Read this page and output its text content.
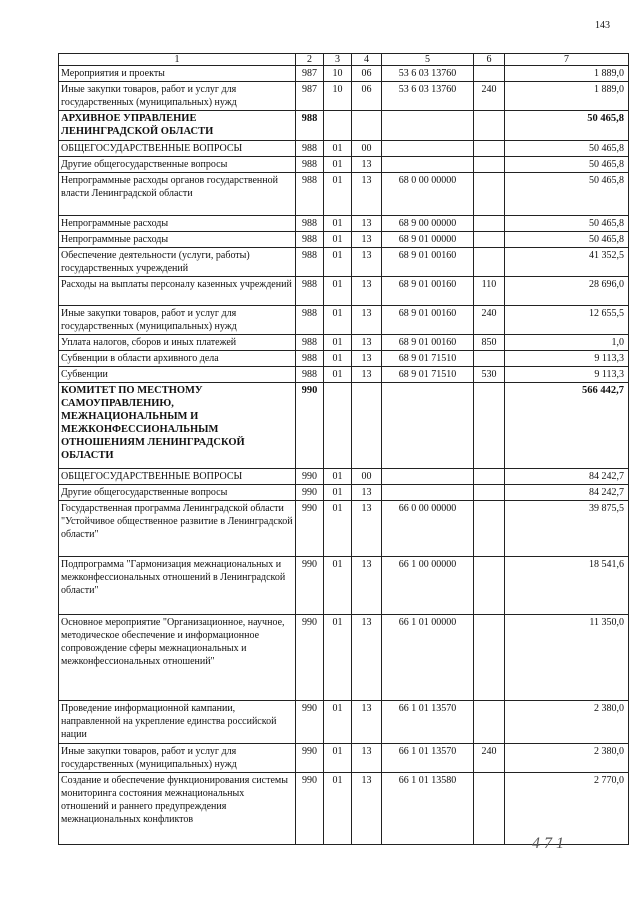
143
1	2	3	4	5	6	7
Мероприятия и проекты	987	10	06	53 6 03 13760		1 889,0
Иные закупки товаров, работ и услуг для государственных (муниципальных) нужд	987	10	06	53 6 03 13760	240	1 889,0
АРХИВНОЕ УПРАВЛЕНИЕ ЛЕНИНГРАДСКОЙ ОБЛАСТИ	988					50 465,8
ОБЩЕГОСУДАРСТВЕННЫЕ ВОПРОСЫ	988	01	00			50 465,8
Другие общегосударственные вопросы	988	01	13			50 465,8
Непрограммные расходы органов государственной власти Ленинградской области	988	01	13	68 0 00 00000		50 465,8
Непрограммные расходы	988	01	13	68 9 00 00000		50 465,8
Непрограммные расходы	988	01	13	68 9 01 00000		50 465,8
Обеспечение деятельности (услуги, работы) государственных учреждений	988	01	13	68 9 01 00160		41 352,5
Расходы на выплаты персоналу казенных учреждений	988	01	13	68 9 01 00160	110	28 696,0
Иные закупки товаров, работ и услуг для государственных (муниципальных) нужд	988	01	13	68 9 01 00160	240	12 655,5
Уплата налогов, сборов и иных платежей	988	01	13	68 9 01 00160	850	1,0
Субвенции в области архивного дела	988	01	13	68 9 01 71510		9 113,3
Субвенции	988	01	13	68 9 01 71510	530	9 113,3
КОМИТЕТ ПО МЕСТНОМУ САМОУПРАВЛЕНИЮ, МЕЖНАЦИОНАЛЬНЫМ И МЕЖКОНФЕССИОНАЛЬНЫМ ОТНОШЕНИЯМ ЛЕНИНГРАДСКОЙ ОБЛАСТИ	990					566 442,7
ОБЩЕГОСУДАРСТВЕННЫЕ ВОПРОСЫ	990	01	00			84 242,7
Другие общегосударственные вопросы	990	01	13			84 242,7
Государственная программа Ленинградской области "Устойчивое общественное развитие в Ленинградской области"	990	01	13	66 0 00 00000		39 875,5
Подпрограмма "Гармонизация межнациональных и межконфессиональных отношений в Ленинградской области"	990	01	13	66 1 00 00000		18 541,6
Основное мероприятие "Организационное, научное, методическое обеспечение и информационное сопровождение сферы межнациональных и межконфессиональных отношений"	990	01	13	66 1 01 00000		11 350,0
Проведение информационной кампании, направленной на укрепление единства российской нации	990	01	13	66 1 01 13570		2 380,0
Иные закупки товаров, работ и услуг для государственных (муниципальных) нужд	990	01	13	66 1 01 13570	240	2 380,0
Создание и обеспечение функционирования системы мониторинга состояния межнациональных отношений и раннего предупреждения межнациональных конфликтов	990	01	13	66 1 01 13580		2 770,0
471
